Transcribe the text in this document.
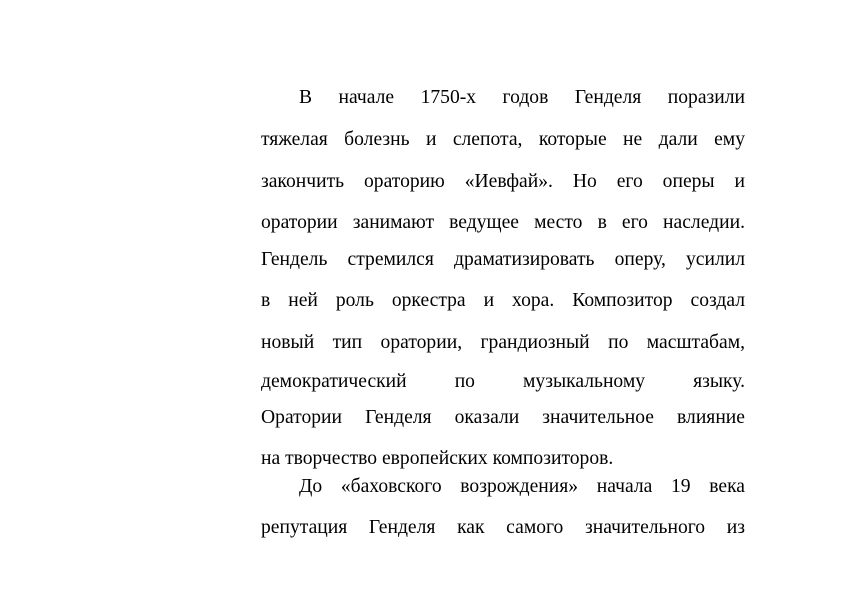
В начале 1750-х годов Генделя поразили
тяжелая болезнь и слепота, которые не дали ему
закончить ораторию «Иевфай». Но его оперы и
оратории занимают ведущее место в его наследии.
Гендель стремился драматизировать оперу, усилил
в ней роль оркестра и хора. Композитор создал
новый тип оратории, грандиозный по масштабам,
демократический по музыкальному языку.
Оратории Генделя оказали значительное влияние
на творчество европейских композиторов.
До «баховского возрождения» начала 19 века
репутация Генделя как самого значительного из
